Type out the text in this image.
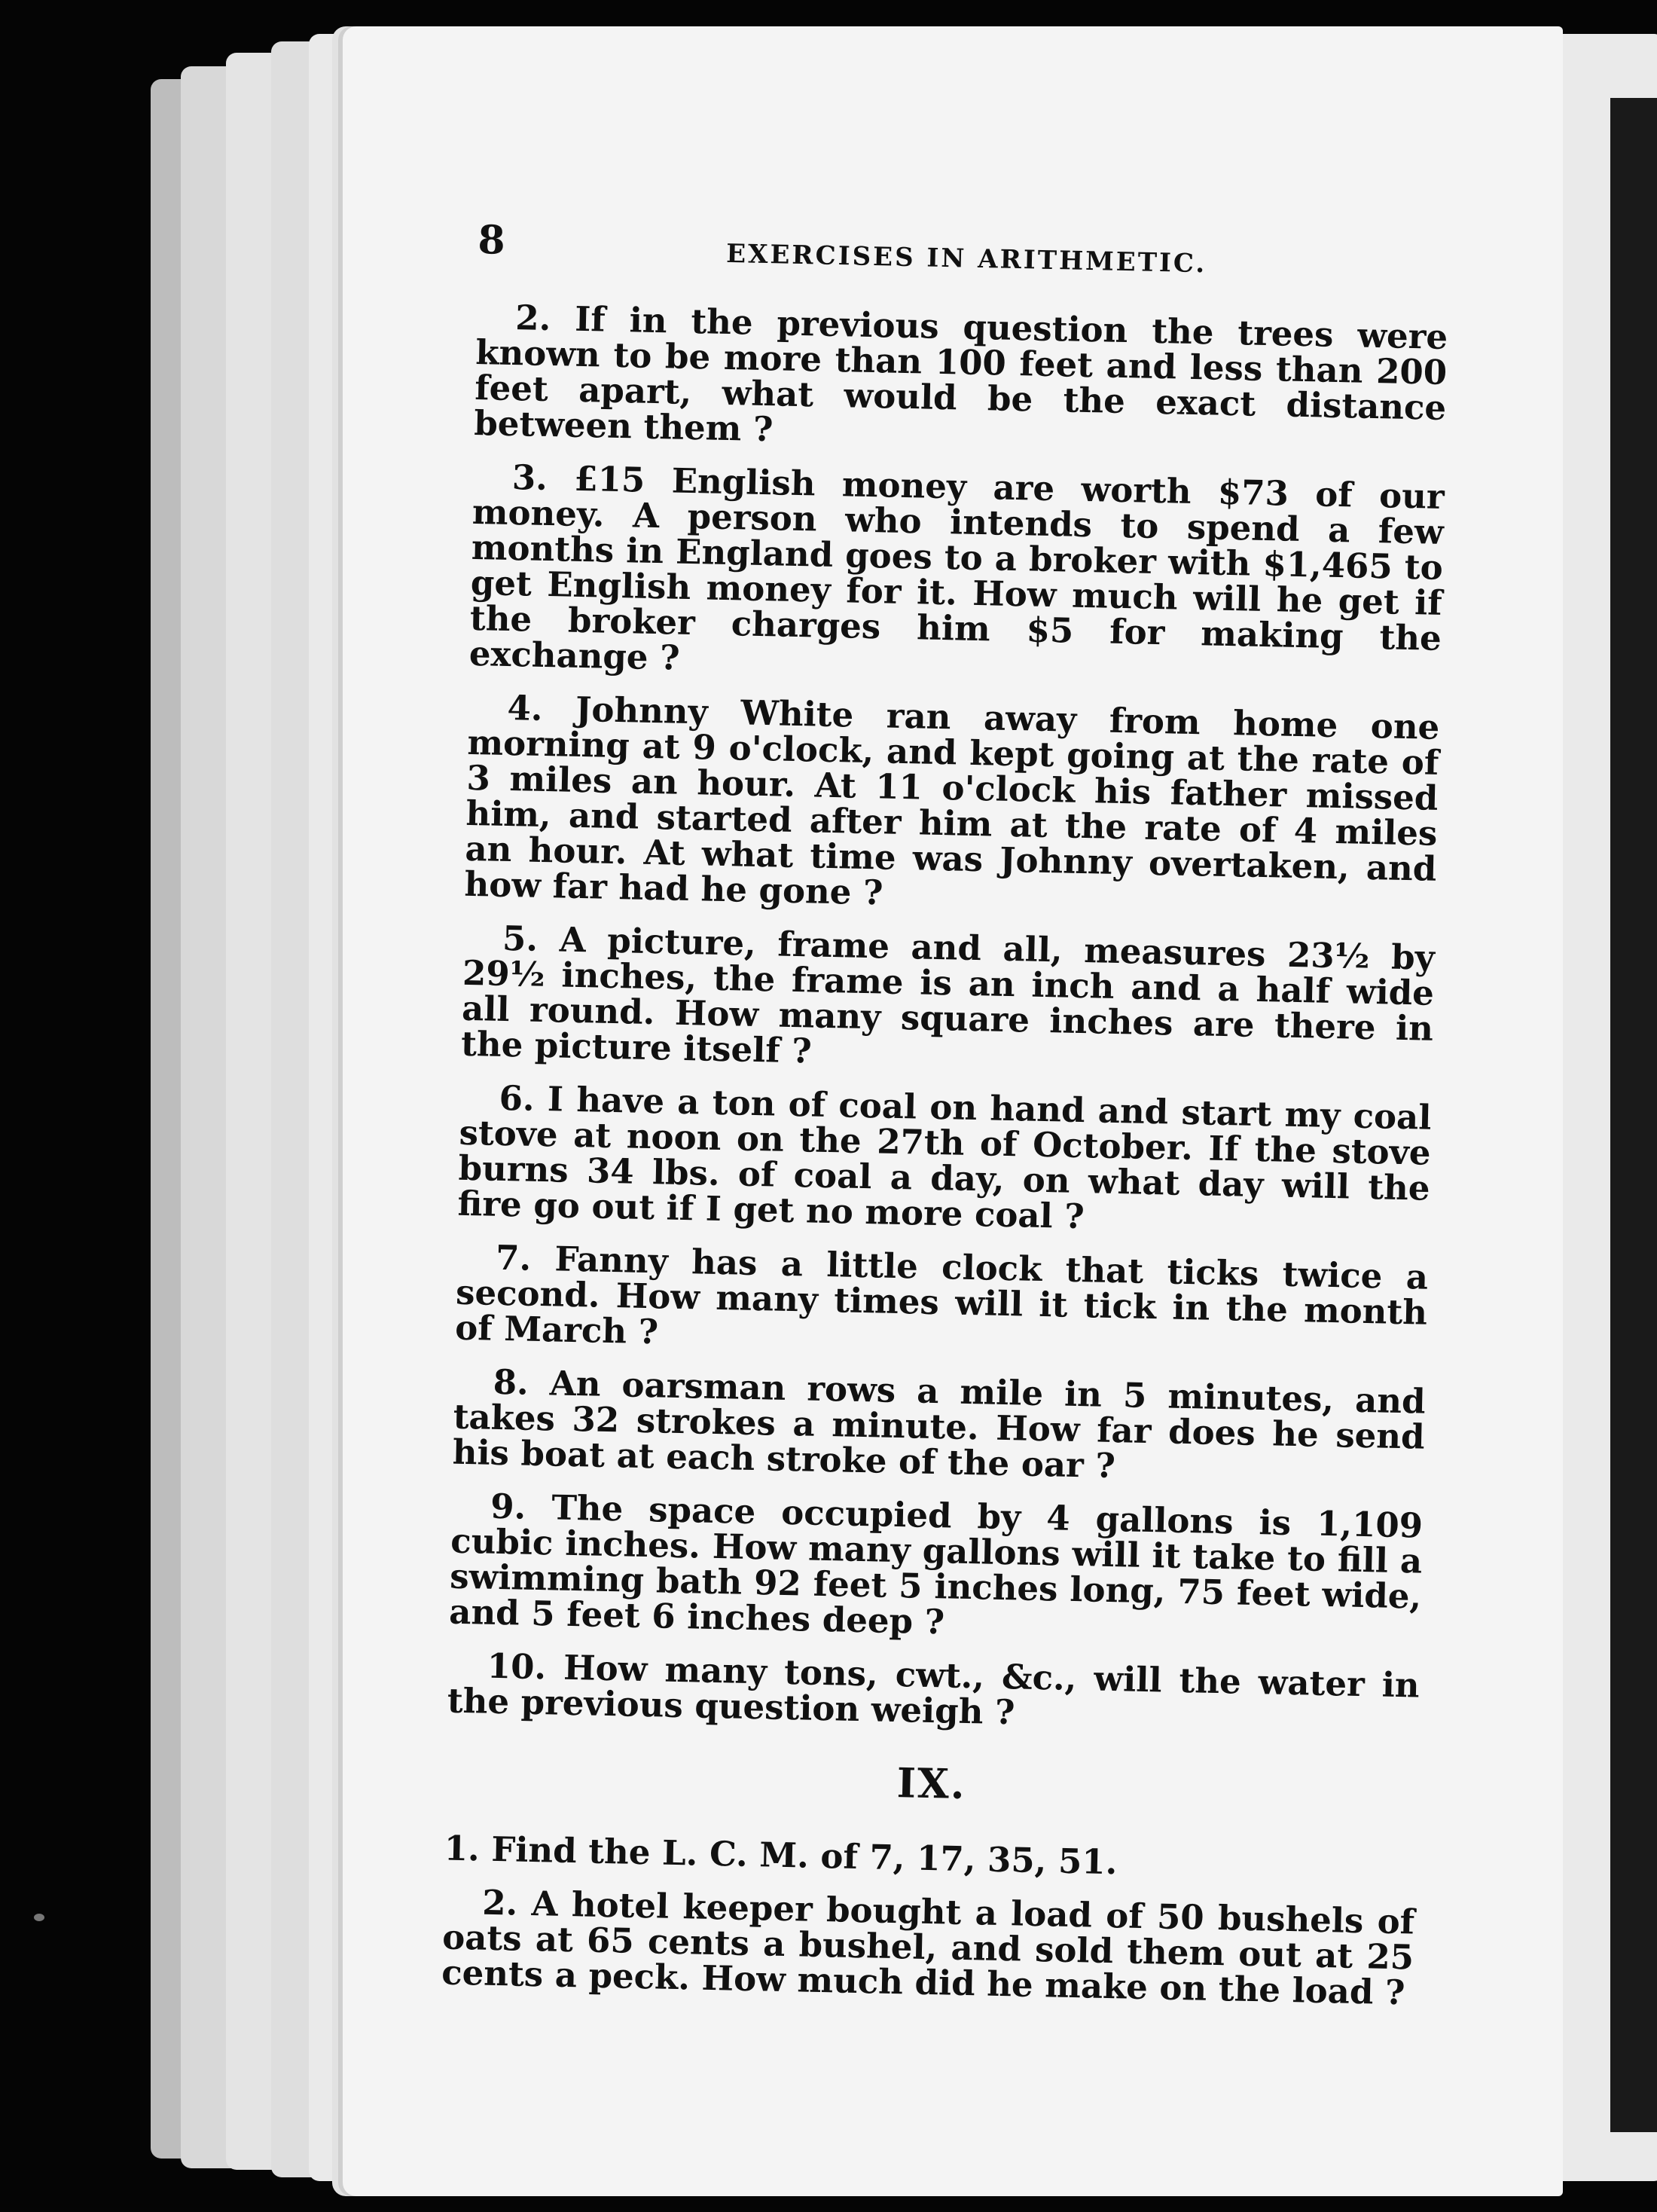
8	EXERCISES IN ARITHMETIC.

2. If in the previous question the trees were known to be more than 100 feet and less than 200 feet apart, what would be the exact distance between them ?

3. £15 English money are worth $73 of our money. A person who intends to spend a few months in England goes to a broker with $1,465 to get English money for it. How much will he get if the broker charges him $5 for making the exchange ?

4. Johnny White ran away from home one morning at 9 o'clock, and kept going at the rate of 3 miles an hour. At 11 o'clock his father missed him, and started after him at the rate of 4 miles an hour. At what time was Johnny overtaken, and how far had he gone ?

5. A picture, frame and all, measures 23½ by 29½ inches, the frame is an inch and a half wide all round. How many square inches are there in the picture itself ?

6. I have a ton of coal on hand and start my coal stove at noon on the 27th of October. If the stove burns 34 lbs. of coal a day, on what day will the fire go out if I get no more coal ?

7. Fanny has a little clock that ticks twice a second. How many times will it tick in the month of March ?

8. An oarsman rows a mile in 5 minutes, and takes 32 strokes a minute. How far does he send his boat at each stroke of the oar ?

9. The space occupied by 4 gallons is 1,109 cubic inches. How many gallons will it take to fill a swimming bath 92 feet 5 inches long, 75 feet wide, and 5 feet 6 inches deep ?

10. How many tons, cwt., &c., will the water in the previous question weigh ?

IX.

1. Find the L. C. M. of 7, 17, 35, 51.

2. A hotel keeper bought a load of 50 bushels of oats at 65 cents a bushel, and sold them out at 25 cents a peck. How much did he make on the load ?
